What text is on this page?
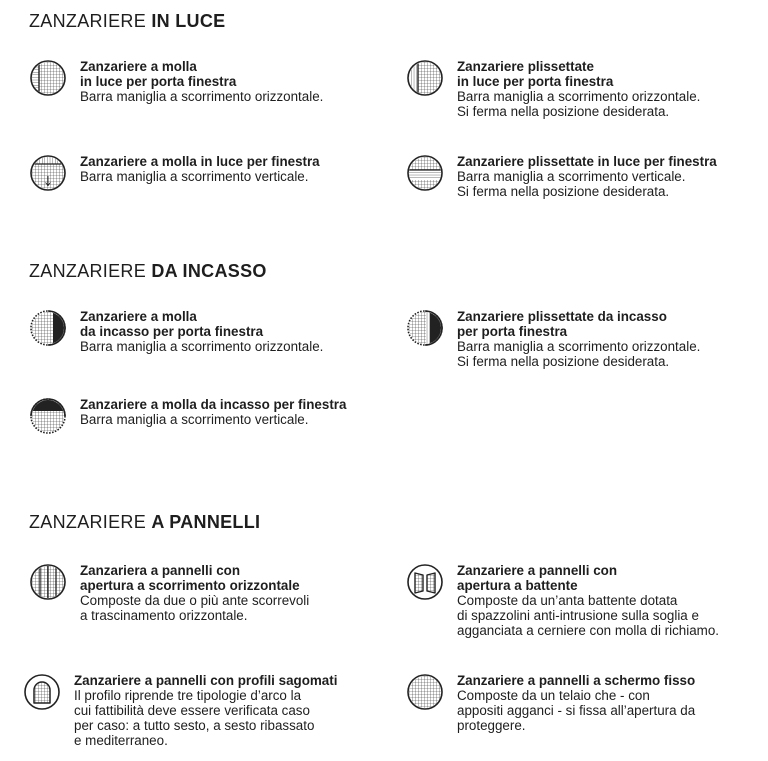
ZANZARIERE IN LUCE
Zanzariere a molla
in luce per porta finestra
Barra maniglia a scorrimento orizzontale.
Zanzariere plissettate
in luce per porta finestra
Barra maniglia a scorrimento orizzontale.
Si ferma nella posizione desiderata.
Zanzariere a molla in luce per finestra
Barra maniglia a scorrimento verticale.
Zanzariere plissettate in luce per finestra
Barra maniglia a scorrimento verticale.
Si ferma nella posizione desiderata.
ZANZARIERE DA INCASSO
Zanzariere a molla
da incasso per porta finestra
Barra maniglia a scorrimento orizzontale.
Zanzariere plissettate da incasso
per porta finestra
Barra maniglia a scorrimento orizzontale.
Si ferma nella posizione desiderata.
Zanzariere a molla da incasso per finestra
Barra maniglia a scorrimento verticale.
ZANZARIERE A PANNELLI
Zanzariera a pannelli con
apertura a scorrimento orizzontale
Composte da due o più ante scorrevoli
a trascinamento orizzontale.
Zanzariere a pannelli con
apertura a battente
Composte da un’anta battente dotata
di spazzolini anti-intrusione sulla soglia e
agganciata a cerniere con molla di richiamo.
Zanzariere a pannelli con profili sagomati
Il profilo riprende tre tipologie d’arco la
cui fattibilità deve essere verificata caso
per caso: a tutto sesto, a sesto ribassato
e mediterraneo.
Zanzariere a pannelli a schermo fisso
Composte da un telaio che - con
appositi agganci - si fissa all’apertura da
proteggere.
